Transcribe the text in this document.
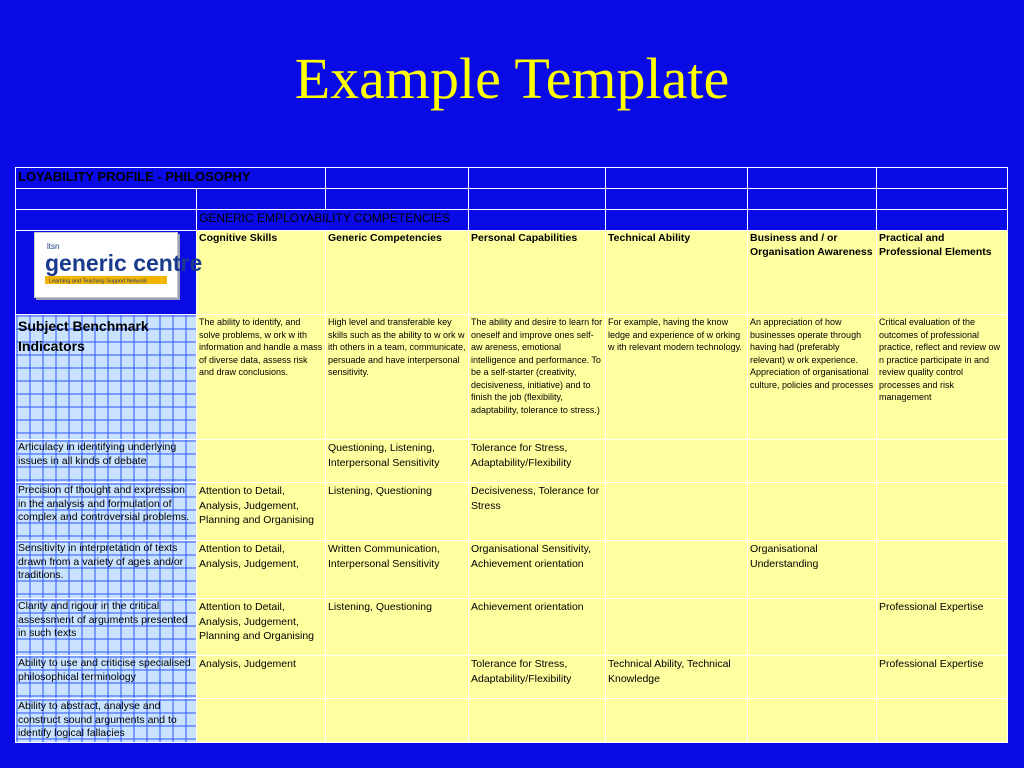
Example Template
LOYABILITY PROFILE - PHILOSOPHY						

	GENERIC EMPLOYABILITY COMPETENCIES					

ltsn
generic centre
Learning and Teaching Support Network	Cognitive Skills	Generic Competencies	Personal Capabilities	Technical Ability	Business and / or Organisation Awareness	Practical and Professional Elements
Subject Benchmark Indicators	The ability to identify, and solve problems, w ork w ith information and handle a mass of diverse data, assess risk and draw conclusions.	High level and transferable key skills such as the ability to w ork w ith others in a team, communicate, persuade and have interpersonal sensitivity.	The ability and desire to learn for oneself and improve ones self-aw areness, emotional intelligence and performance. To be a self-starter (creativity, decisiveness, initiative) and to finish the job (flexibility, adaptability, tolerance to stress.)	For example, having the know ledge and experience of w orking w ith relevant modern technology.	An appreciation of how businesses operate through having had (preferably relevant) w ork experience. Appreciation of organisational culture, policies and processes	Critical evaluation of the outcomes of professional practice, reflect and review ow n practice participate in and review quality control processes and risk management
Articulacy in identifying underlying issues in all kinds of debate		Questioning, Listening, Interpersonal Sensitivity	Tolerance for Stress, Adaptability/Flexibility			
Precision of thought and expression in the analysis and formulation of complex and controversial problems.	Attention to Detail, Analysis, Judgement, Planning and Organising	Listening, Questioning	Decisiveness, Tolerance for Stress			
Sensitivity in interpretation of texts drawn from a variety of ages and/or traditions.	Attention to Detail, Analysis, Judgement,	Written Communication, Interpersonal Sensitivity	Organisational Sensitivity, Achievement orientation		Organisational Understanding	
Clarity and rigour in the critical assessment of arguments presented in such texts	Attention to Detail, Analysis, Judgement, Planning and Organising	Listening, Questioning	Achievement orientation			Professional Expertise
Ability to use and criticise specialised philosophical terminology	Analysis, Judgement		Tolerance for Stress, Adaptability/Flexibility	Technical Ability, Technical Knowledge		Professional Expertise
Ability to abstract, analyse and construct sound arguments and to identify logical fallacies						
